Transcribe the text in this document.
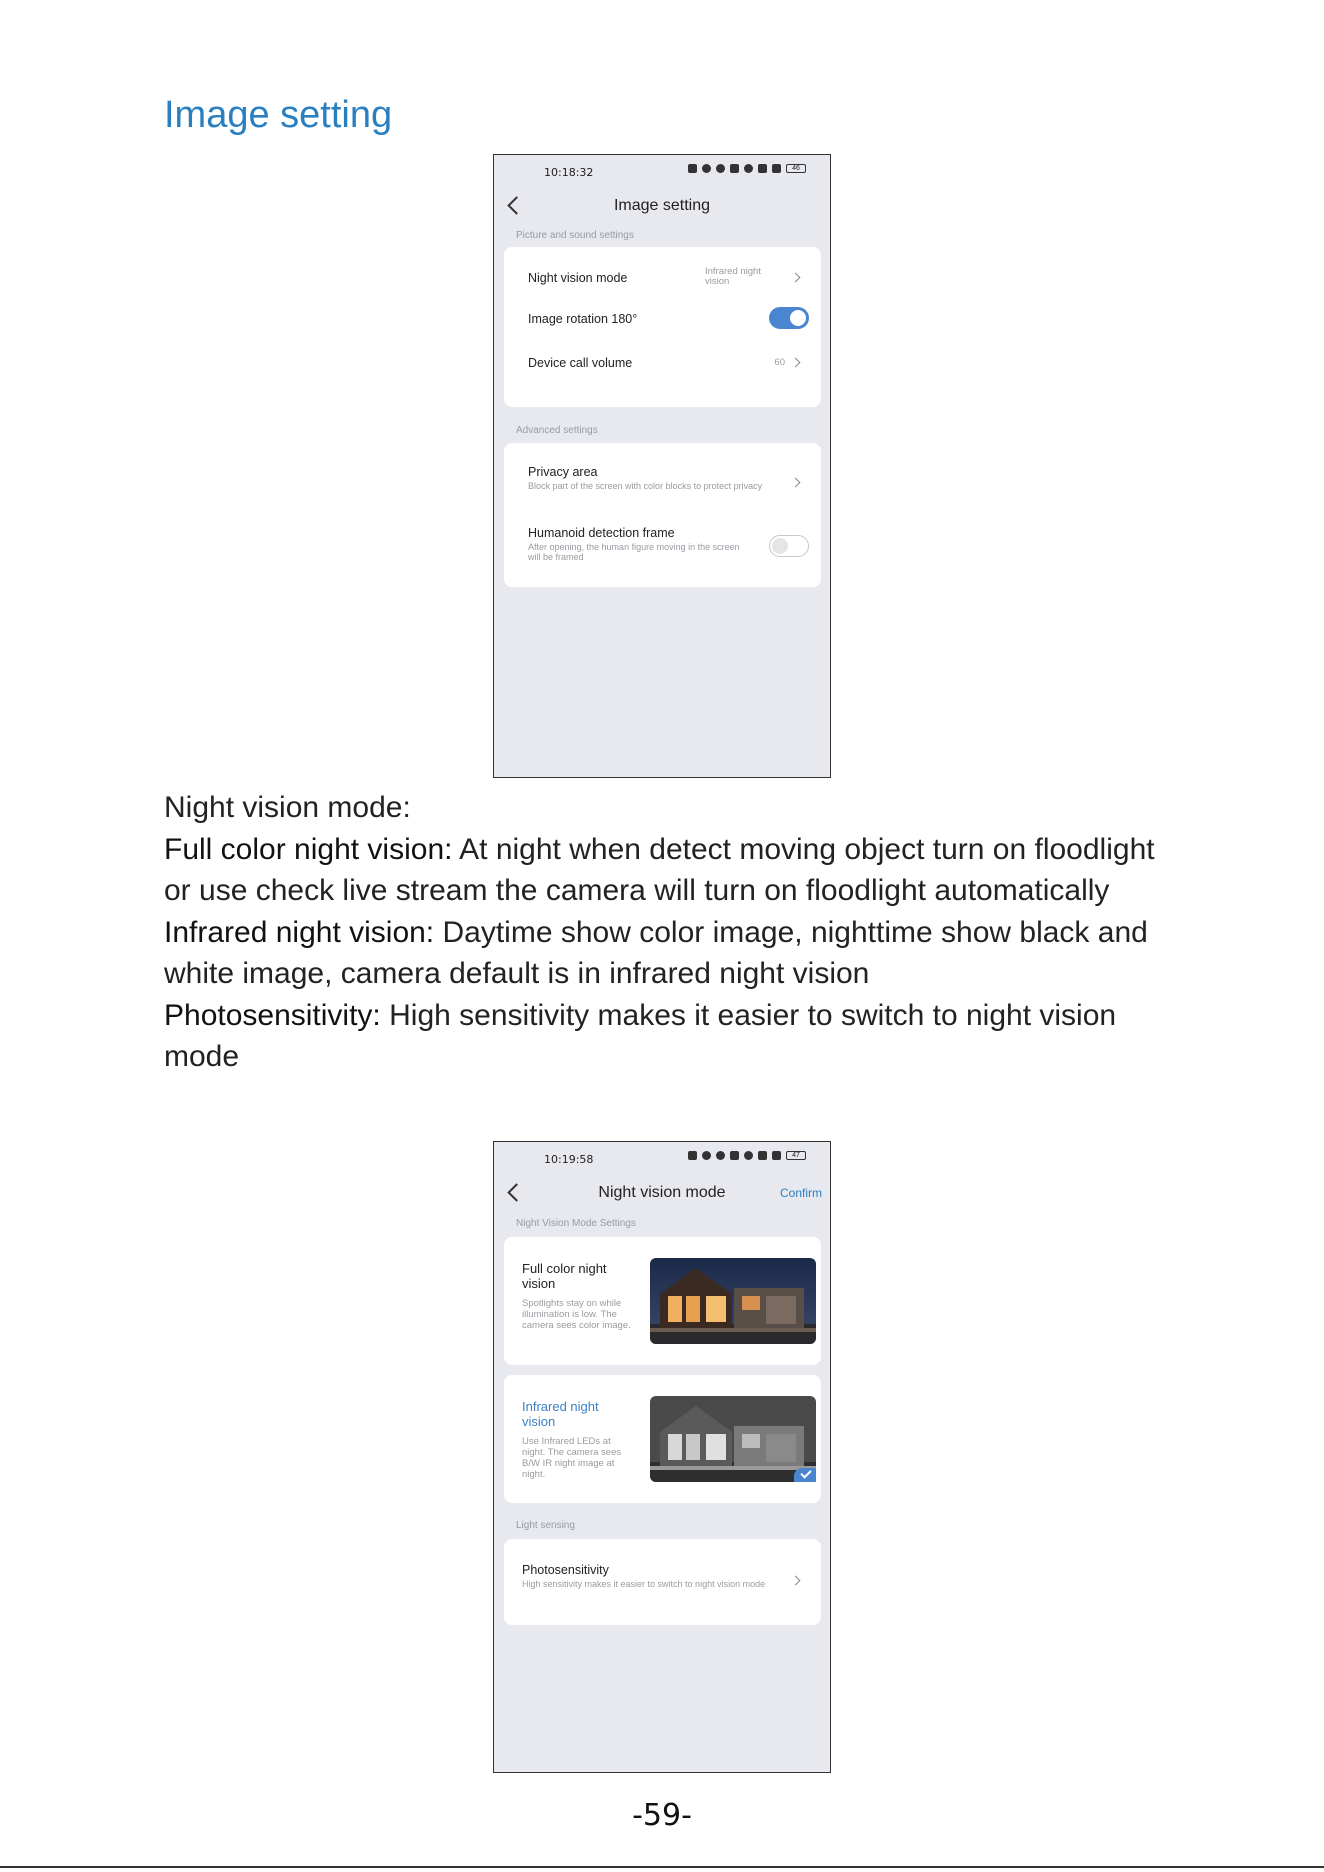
Image setting
10:18:32	46
Image setting
Picture and sound settings
Night vision mode	Infrared night vision
Image rotation 180°
Device call volume	60
Advanced settings
Privacy area
Block part of the screen with color blocks to protect privacy
Humanoid detection frame
After opening, the human figure moving in the screen will be framed

Night vision mode:

Full color night vision: At night when detect moving object turn on floodlight or use check live stream the camera will turn on floodlight automatically

Infrared night vision: Daytime show color image, nighttime show black and white image, camera default is in infrared night vision

Photosensitivity: High sensitivity makes it easier to switch to night vision mode

10:19:58	47
Night vision mode	Confirm
Night Vision Mode Settings
Full color night vision
Spotlights stay on while illumination is low. The camera sees color image.
Infrared night vision
Use Infrared LEDs at night. The camera sees B/W IR night image at night.
Light sensing
Photosensitivity
High sensitivity makes it easier to switch to night vision mode
-59-
